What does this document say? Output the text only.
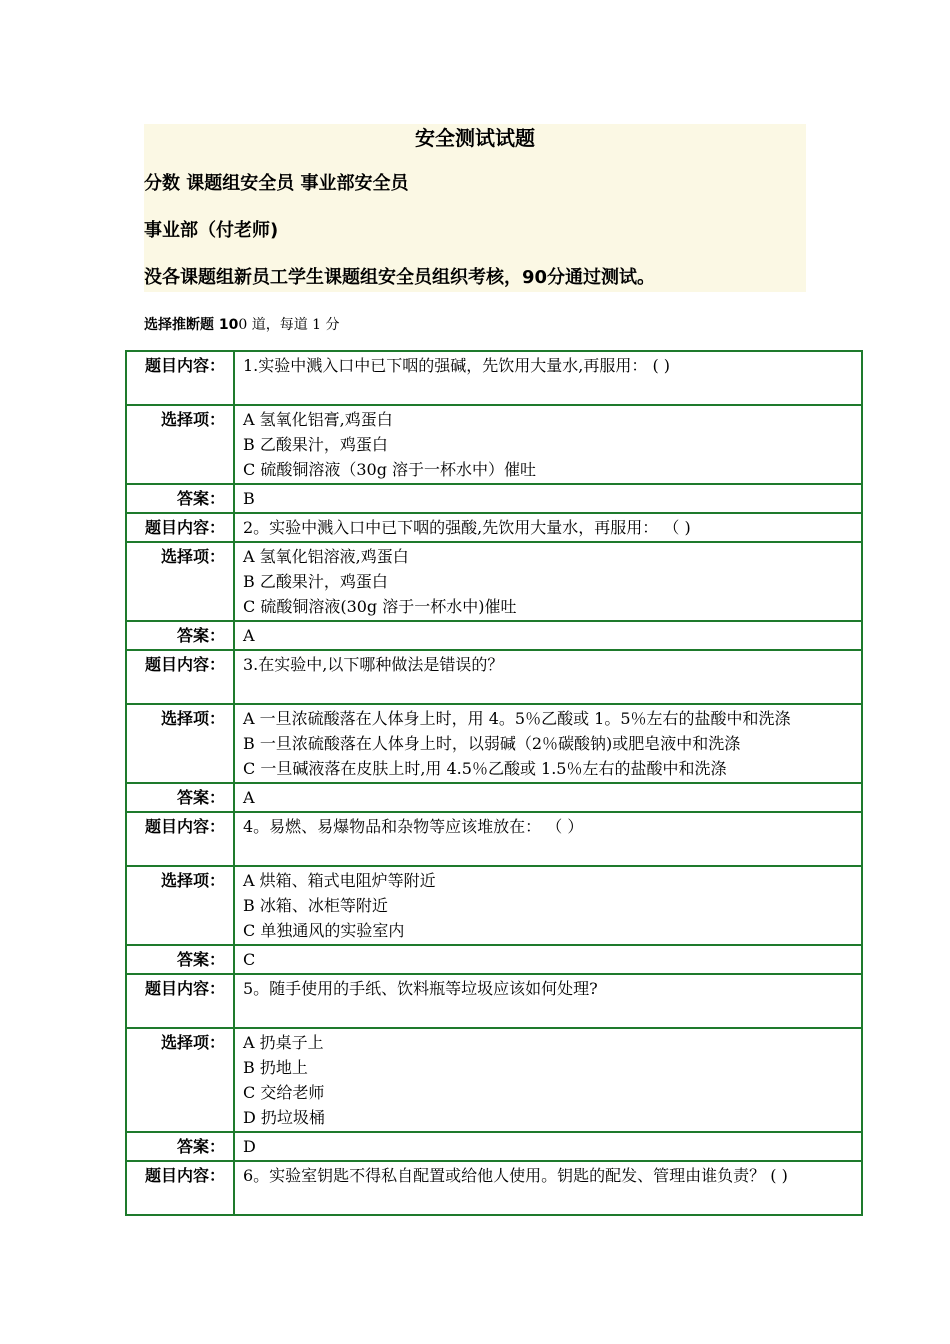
安全测试试题
分数 课题组安全员 事业部安全员
事业部（付老师)
没各课题组新员工学生课题组安全员组织考核，90分通过测试。
选择推断题 100 道，每道 1 分
题目内容：	1.实验中溅入口中已下咽的强碱，先饮用大量水,再服用： ( )
选择项：	A 氢氧化铝膏,鸡蛋白
B 乙酸果汁，鸡蛋白
C 硫酸铜溶液（30g 溶于一杯水中）催吐

答案：	B
题目内容：	2。实验中溅入口中已下咽的强酸,先饮用大量水，再服用： （ )
选择项：	A 氢氧化铝溶液,鸡蛋白
B 乙酸果汁，鸡蛋白
C 硫酸铜溶液(30g 溶于一杯水中)催吐

答案：	A
题目内容：	3.在实验中,以下哪种做法是错误的？
选择项：	A 一旦浓硫酸落在人体身上时，用 4。5％乙酸或 1。5％左右的盐酸中和洗涤
B 一旦浓硫酸落在人体身上时，以弱碱（2％碳酸钠)或肥皂液中和洗涤
C 一旦碱液落在皮肤上时,用 4.5％乙酸或 1.5％左右的盐酸中和洗涤

答案：	A
题目内容：	4。易燃、易爆物品和杂物等应该堆放在： （ ）
选择项：	A 烘箱、箱式电阻炉等附近
B 冰箱、冰柜等附近
C 单独通风的实验室内

答案：	C
题目内容：	5。随手使用的手纸、饮料瓶等垃圾应该如何处理?
选择项：	A 扔桌子上
B 扔地上
C 交给老师
D 扔垃圾桶

答案：	D
题目内容：	6。实验室钥匙不得私自配置或给他人使用。钥匙的配发、管理由谁负责？ ( )
